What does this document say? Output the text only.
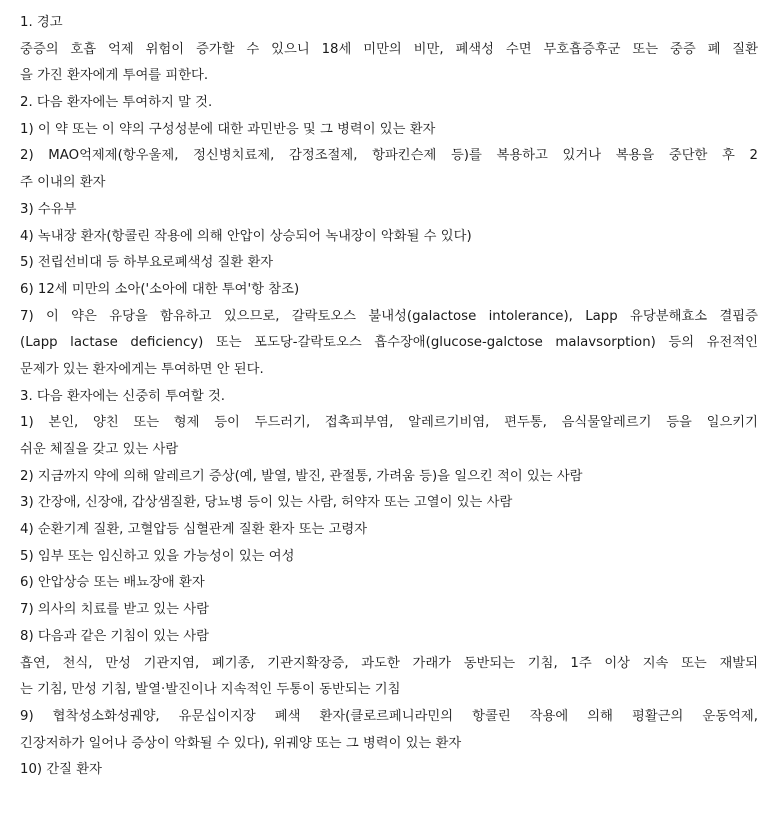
1. 경고
중증의 호흡 억제 위험이 증가할 수 있으니 18세 미만의 비만, 폐색성 수면 무호흡증후군 또는 중증 폐 질환
을 가진 환자에게 투여를 피한다.
2. 다음 환자에는 투여하지 말 것.
1) 이 약 또는 이 약의 구성성분에 대한 과민반응 및 그 병력이 있는 환자
2) MAO억제제(항우울제, 정신병치료제, 감정조절제, 항파킨슨제 등)를 복용하고 있거나 복용을 중단한 후 2
주 이내의 환자
3) 수유부
4) 녹내장 환자(항콜린 작용에 의해 안압이 상승되어 녹내장이 악화될 수 있다)
5) 전립선비대 등 하부요로폐색성 질환 환자
6) 12세 미만의 소아('소아에 대한 투여'항 참조)
7) 이 약은 유당을 함유하고 있으므로, 갈락토오스 불내성(galactose intolerance), Lapp 유당분해효소 결핍증
(Lapp lactase deficiency) 또는 포도당-갈락토오스 흡수장애(glucose-galctose malavsorption) 등의 유전적인
문제가 있는 환자에게는 투여하면 안 된다.
3. 다음 환자에는 신중히 투여할 것.
1) 본인, 양친 또는 형제 등이 두드러기, 접촉피부염, 알레르기비염, 편두통, 음식물알레르기 등을 일으키기
쉬운 체질을 갖고 있는 사람
2) 지금까지 약에 의해 알레르기 증상(예, 발열, 발진, 관절통, 가려움 등)을 일으킨 적이 있는 사람
3) 간장애, 신장애, 갑상샘질환, 당뇨병 등이 있는 사람, 허약자 또는 고열이 있는 사람
4) 순환기계 질환, 고혈압등 심혈관계 질환 환자 또는 고령자
5) 임부 또는 임신하고 있을 가능성이 있는 여성
6) 안압상승 또는 배뇨장애 환자
7) 의사의 치료를 받고 있는 사람
8) 다음과 같은 기침이 있는 사람
흡연, 천식, 만성 기관지염, 폐기종, 기관지확장증, 과도한 가래가 동반되는 기침, 1주 이상 지속 또는 재발되
는 기침, 만성 기침, 발열·발진이나 지속적인 두통이 동반되는 기침
9) 협착성소화성궤양, 유문십이지장 폐색 환자(클로르페니라민의 항콜린 작용에 의해 평활근의 운동억제,
긴장저하가 일어나 증상이 악화될 수 있다), 위궤양 또는 그 병력이 있는 환자
10) 간질 환자
